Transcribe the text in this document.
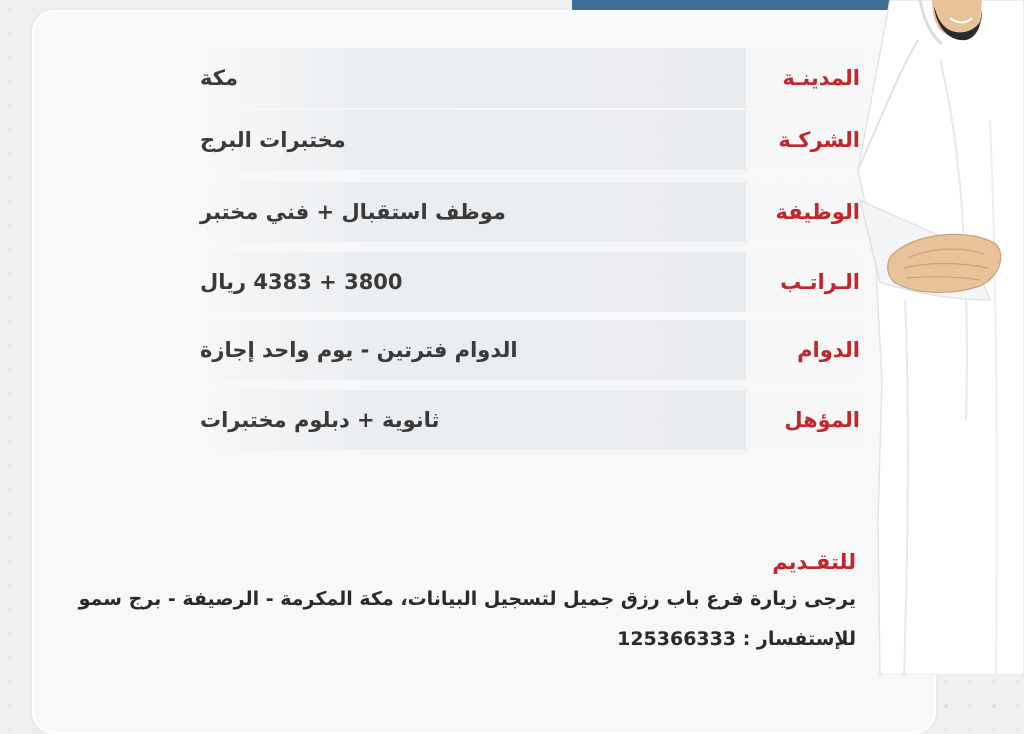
مكة	المدينـة
مختبرات البرج	الشركـة
موظف استقبال + فني مختبر	الوظيفة
3800 + 4383 ريال	الـراتـب
الدوام فترتين - يوم واحد إجازة	الدوام
ثانوية + دبلوم مختبرات	المؤهل
للتقـديم
يرجى زيارة فرع باب رزق جميل لتسجيل البيانات، مكة المكرمة - الرصيفة - برج سمو
للإستفسار : 125366333
